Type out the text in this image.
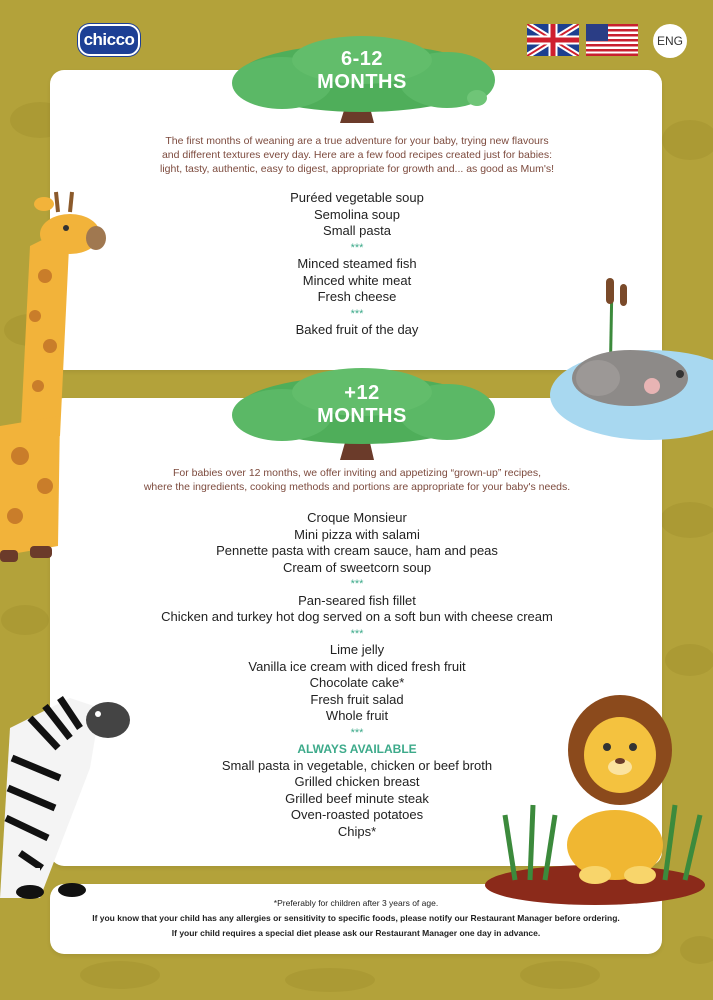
chicco	ENG
6-12
MONTHS
+12
MONTHS
The first months of weaning are a true adventure for your baby, trying new flavours
and different textures every day. Here are a few food recipes created just for babies:
light, tasty, authentic, easy to digest, appropriate for growth and... as good as Mum's!
For babies over 12 months, we offer inviting and appetizing “grown-up” recipes,
where the ingredients, cooking methods and portions are appropriate for your baby's needs.
Puréed vegetable soup
Semolina soup
Small pasta
***
Minced steamed fish
Minced white meat
Fresh cheese
***
Baked fruit of the day
Croque Monsieur
Mini pizza with salami
Pennette pasta with cream sauce, ham and peas
Cream of sweetcorn soup
***
Pan-seared fish fillet
Chicken and turkey hot dog served on a soft bun with cheese cream
***
Lime jelly
Vanilla ice cream with diced fresh fruit
Chocolate cake*
Fresh fruit salad
Whole fruit
***
ALWAYS AVAILABLE
Small pasta in vegetable, chicken or beef broth
Grilled chicken breast
Grilled beef minute steak
Oven-roasted potatoes
Chips*
*Preferably for children after 3 years of age.
If you know that your child has any allergies or sensitivity to specific foods, please notify our Restaurant Manager before ordering.
If your child requires a special diet please ask our Restaurant Manager one day in advance.
